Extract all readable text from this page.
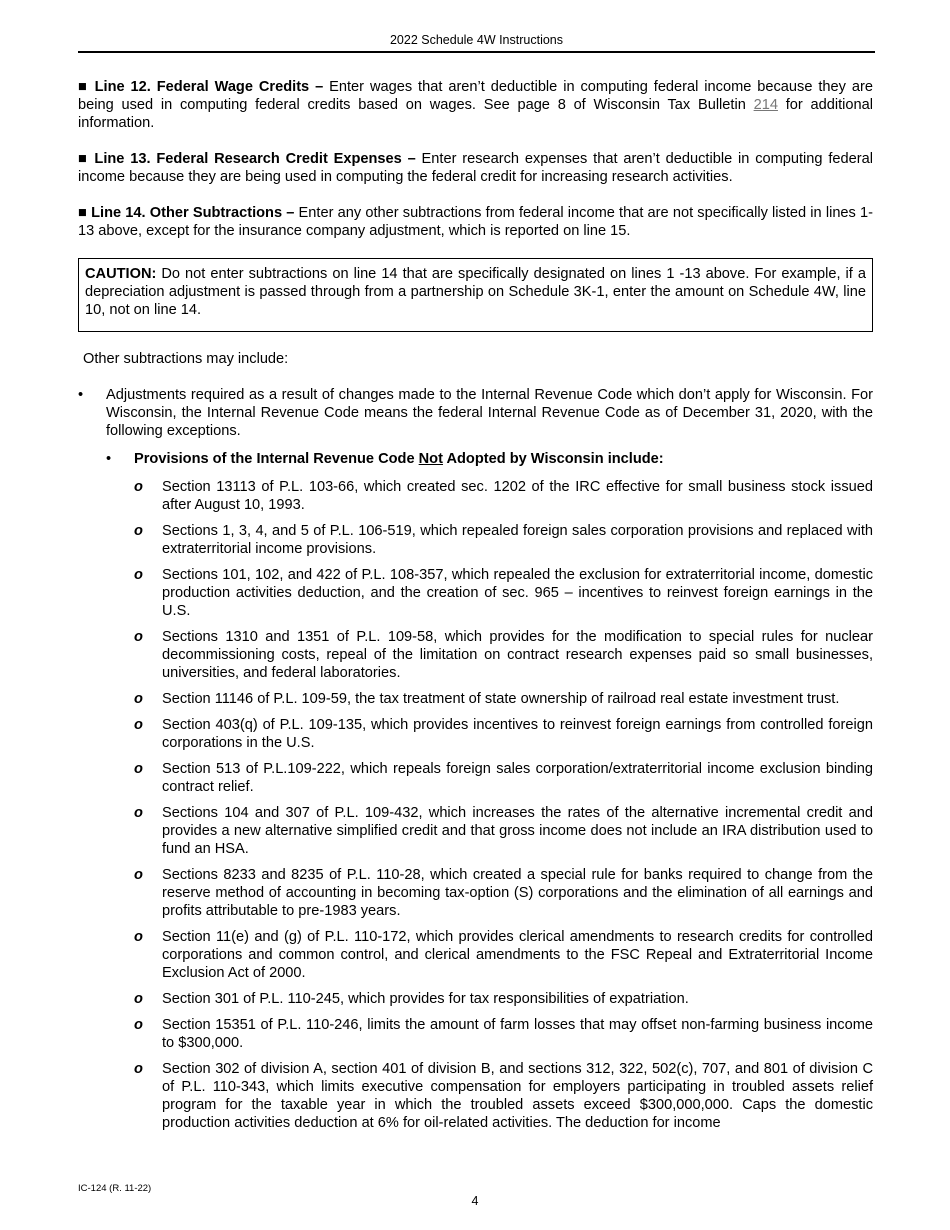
2022 Schedule 4W Instructions

■ Line 12. Federal Wage Credits – Enter wages that aren’t deductible in computing federal income because they are being used in computing federal credits based on wages. See page 8 of Wisconsin Tax Bulletin 214 for additional information.

■ Line 13. Federal Research Credit Expenses – Enter research expenses that aren’t deductible in computing federal income because they are being used in computing the federal credit for increasing research activities.

■ Line 14. Other Subtractions – Enter any other subtractions from federal income that are not specifically listed in lines 1-13 above, except for the insurance company adjustment, which is reported on line 15.

CAUTION: Do not enter subtractions on line 14 that are specifically designated on lines 1 -13 above. For example, if a depreciation adjustment is passed through from a partnership on Schedule 3K-1, enter the amount on Schedule 4W, line 10, not on line 14.

Other subtractions may include:

• Adjustments required as a result of changes made to the Internal Revenue Code which don’t apply for Wisconsin. For Wisconsin, the Internal Revenue Code means the federal Internal Revenue Code as of December 31, 2020, with the following exceptions.
• Provisions of the Internal Revenue Code Not Adopted by Wisconsin include:
o Section 13113 of P.L. 103-66, which created sec. 1202 of the IRC effective for small business stock issued after August 10, 1993.
o Sections 1, 3, 4, and 5 of P.L. 106-519, which repealed foreign sales corporation provisions and replaced with extraterritorial income provisions.
o Sections 101, 102, and 422 of P.L. 108-357, which repealed the exclusion for extraterritorial income, domestic production activities deduction, and the creation of sec. 965 – incentives to reinvest foreign earnings in the U.S.
o Sections 1310 and 1351 of P.L. 109-58, which provides for the modification to special rules for nuclear decommissioning costs, repeal of the limitation on contract research expenses paid so small businesses, universities, and federal laboratories.
o Section 11146 of P.L. 109-59, the tax treatment of state ownership of railroad real estate investment trust.
o Section 403(q) of P.L. 109-135, which provides incentives to reinvest foreign earnings from controlled foreign corporations in the U.S.
o Section 513 of P.L.109-222, which repeals foreign sales corporation/extraterritorial income exclusion binding contract relief.
o Sections 104 and 307 of P.L. 109-432, which increases the rates of the alternative incremental credit and provides a new alternative simplified credit and that gross income does not include an IRA distribution used to fund an HSA.
o Sections 8233 and 8235 of P.L. 110-28, which created a special rule for banks required to change from the reserve method of accounting in becoming tax-option (S) corporations and the elimination of all earnings and profits attributable to pre-1983 years.
o Section 11(e) and (g) of P.L. 110-172, which provides clerical amendments to research credits for controlled corporations and common control, and clerical amendments to the FSC Repeal and Extraterritorial Income Exclusion Act of 2000.
o Section 301 of P.L. 110-245, which provides for tax responsibilities of expatriation.
o Section 15351 of P.L. 110-246, limits the amount of farm losses that may offset non-farming business income to $300,000.
o Section 302 of division A, section 401 of division B, and sections 312, 322, 502(c), 707, and 801 of division C of P.L. 110-343, which limits executive compensation for employers participating in troubled assets relief program for the taxable year in which the troubled assets exceed $300,000,000. Caps the domestic production activities deduction at 6% for oil-related activities. The deduction for income
IC-124 (R. 11-22)
4
